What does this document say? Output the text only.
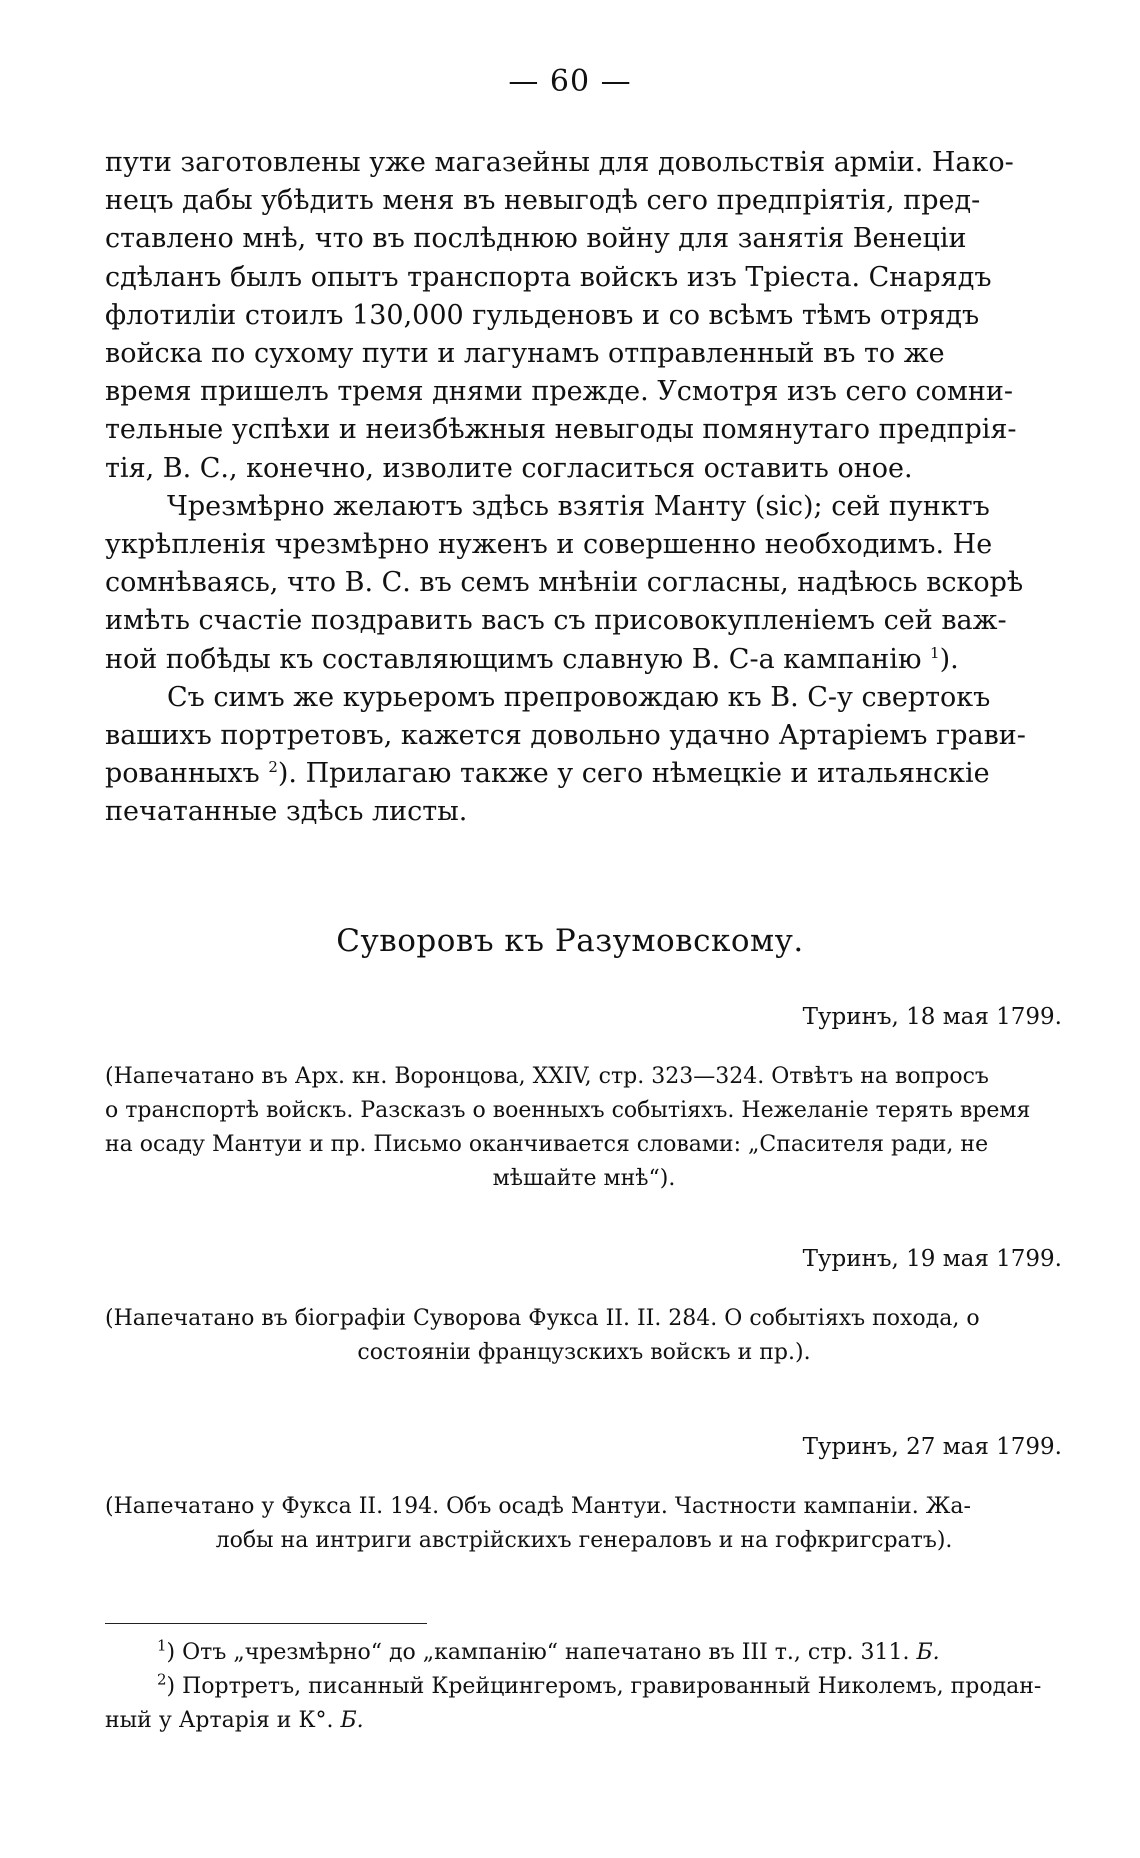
— 60 —

пути заготовлены уже магазейны для довольствія арміи. Нако-
нецъ дабы убѣдить меня въ невыгодѣ сего предпріятія, пред-
ставлено мнѣ, что въ послѣднюю войну для занятія Венеціи
сдѣланъ былъ опытъ транспорта войскъ изъ Тріеста. Снарядъ
флотиліи стоилъ 130,000 гульденовъ и со всѣмъ тѣмъ отрядъ
войска по сухому пути и лагунамъ отправленный въ то же
время пришелъ тремя днями прежде. Усмотря изъ сего сомни-
тельные успѣхи и неизбѣжныя невыгоды помянутаго предпрія-
тія, В. С., конечно, изволите согласиться оставить оное.

Чрезмѣрно желаютъ здѣсь взятія Манту (sic); сей пунктъ
укрѣпленія чрезмѣрно нуженъ и совершенно необходимъ. Не
сомнѣваясь, что В. С. въ семъ мнѣніи согласны, надѣюсь вскорѣ
имѣть счастіе поздравить васъ съ присовокупленіемъ сей важ-
ной побѣды къ составляющимъ славную В. С-а кампанію $^1$).

Съ симъ же курьеромъ препровождаю къ В. С-у свертокъ
вашихъ портретовъ, кажется довольно удачно Артаріемъ грави-
рованныхъ $^2$). Прилагаю также у сего нѣмецкіе и итальянскіе
печатанные здѣсь листы.

Суворовъ къ Разумовскому.
Туринъ, 18 мая 1799.
(Напечатано въ Арх. кн. Воронцова, XXIV, стр. 323—324. Отвѣтъ на вопросъ
о транспортѣ войскъ. Разсказъ о военныхъ событіяхъ. Нежеланіе терять время
на осаду Мантуи и пр. Письмо оканчивается словами: „Спасителя ради, не
мѣшайте мнѣ“).
Туринъ, 19 мая 1799.
(Напечатано въ біографіи Суворова Фукса II. II. 284. О событіяхъ похода, о
состояніи французскихъ войскъ и пр.).
Туринъ, 27 мая 1799.
(Напечатано у Фукса II. 194. Объ осадѣ Мантуи. Частности кампаніи. Жа-
лобы на интриги австрійскихъ генераловъ и на гофкригсратъ).

$^1$) Отъ „чрезмѣрно“ до „кампанію“ напечатано въ III т., стр. 311. Б.

$^2$) Портретъ, писанный Крейцингеромъ, гравированный Николемъ, продан-
ный у Артарія и К°. Б.
